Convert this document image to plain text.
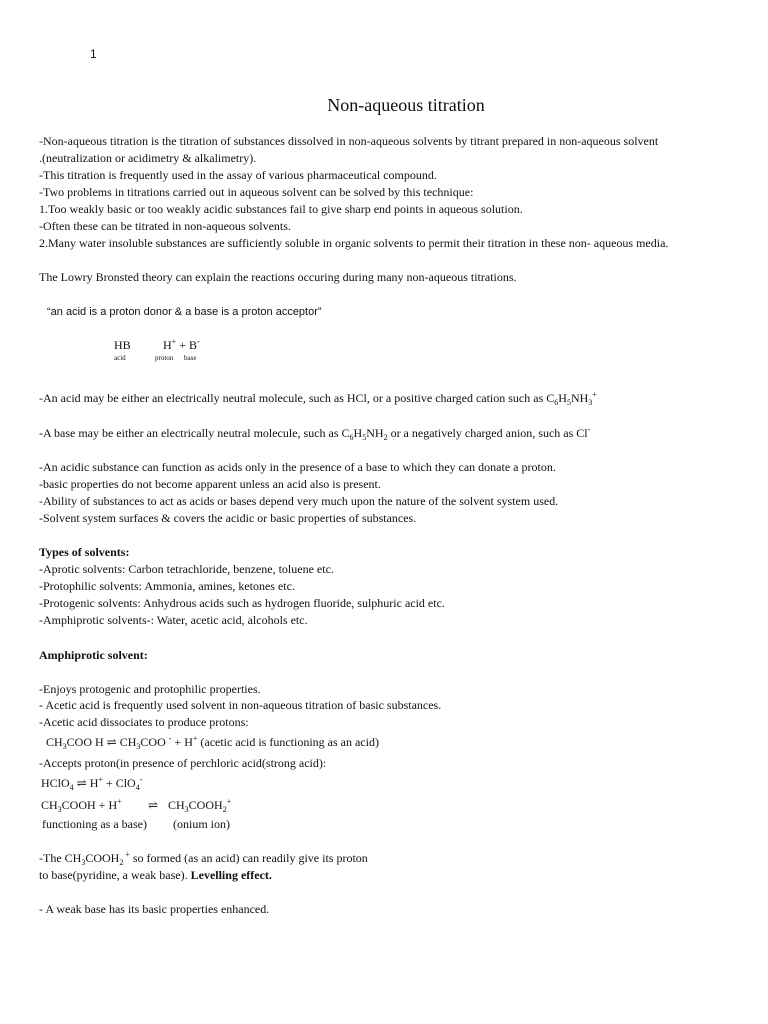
1
Non-aqueous titration
-Non-aqueous titration is the titration of substances dissolved in non-aqueous solvents by titrant prepared in non-aqueous solvent
.(neutralization or acidimetry & alkalimetry).
-This titration is frequently used in the assay of various pharmaceutical compound.
-Two problems in titrations carried out in aqueous solvent can be solved by this technique:
1.Too weakly basic or too weakly acidic substances fail to give sharp end points in aqueous solution.
-Often these can be titrated in non-aqueous solvents.
2.Many water insoluble substances are sufficiently soluble in organic solvents to permit their titration in these non- aqueous media.
The Lowry Bronsted theory can explain the reactions occuring during many non-aqueous titrations.
“an acid is a proton donor & a base is a proton acceptor”
HB	H+ + B-
acid	proton base
-An acid may be either an electrically neutral molecule, such as HCl, or a positive charged cation such as $C_6H_5NH_3^+$
-A base may be either an electrically neutral molecule, such as $C_6H_5NH_2$ or a negatively charged anion, such as Cl-
-An acidic substance can function as acids only in the presence of a base to which they can donate a proton.
-basic properties do not become apparent unless an acid also is present.
-Ability of substances to act as acids or bases depend very much upon the nature of the solvent system used.
-Solvent system surfaces & covers the acidic or basic properties of substances.
Types of solvents:
-Aprotic solvents: Carbon tetrachloride, benzene, toluene etc.
-Protophilic solvents: Ammonia, amines, ketones etc.
-Protogenic solvents: Anhydrous acids such as hydrogen fluoride, sulphuric acid etc.
-Amphiprotic solvents-: Water, acetic acid, alcohols etc.
Amphiprotic solvent:
-Enjoys protogenic and protophilic properties.
- Acetic acid is frequently used solvent in non-aqueous titration of basic substances.
-Acetic acid dissociates to produce protons:
$CH_3COO$ H ⇌ $CH_3COO$ - + H+ (acetic acid is functioning as an acid)
-Accepts proton(in presence of perchloric acid(strong acid):
HClO$_4$ ⇌ H+ + ClO$_4$-
$CH_3COOH + H^+$ ⇌ $CH_3COOH_2^+$
functioning as a base) (onium ion)
-The $CH_3COOH_2$ + so formed (as an acid) can readily give its proton
to base(pyridine, a weak base). Levelling effect.
- A weak base has its basic properties enhanced.
